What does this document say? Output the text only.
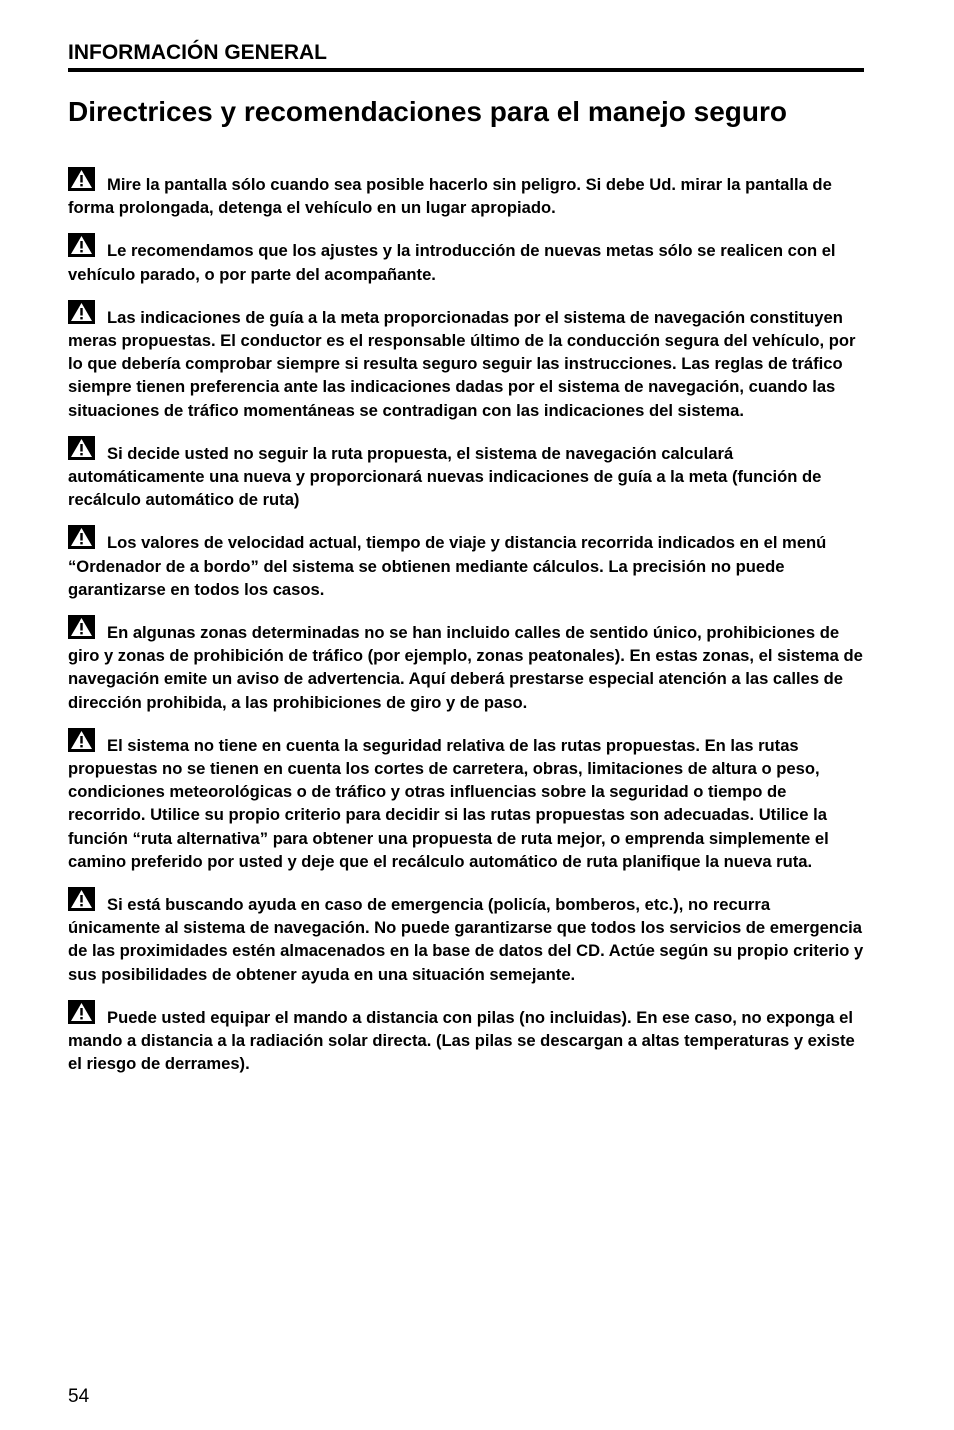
INFORMACIÓN GENERAL
Directrices y recomendaciones para el manejo seguro

Mire la pantalla sólo cuando sea posible hacerlo sin peligro. Si debe Ud. mirar la pantalla de forma prolongada, detenga el vehículo en un lugar apropiado.

Le recomendamos que los ajustes y la introducción de nuevas metas sólo se realicen con el vehículo parado, o por parte del acompañante.

Las indicaciones de guía a la meta proporcionadas por el sistema de navegación constituyen meras propuestas. El conductor es el responsable último de la conducción segura del vehículo, por lo que debería comprobar siempre si resulta seguro seguir las instrucciones. Las reglas de tráfico siempre tienen preferencia ante las indicaciones dadas por el sistema de navegación, cuando las situaciones de tráfico momentáneas se contradigan con las indicaciones del sistema.

Si decide usted no seguir la ruta propuesta, el sistema de navegación calculará automáticamente una nueva y proporcionará nuevas indicaciones de guía a la meta (función de recálculo automático de ruta)

Los valores de velocidad actual, tiempo de viaje y distancia recorrida indicados en el menú “Ordenador de a bordo” del sistema se obtienen mediante cálculos. La precisión no puede garantizarse en todos los casos.

En algunas zonas determinadas no se han incluido calles de sentido único, prohibiciones de giro y zonas de prohibición de tráfico (por ejemplo, zonas peatonales). En estas zonas, el sistema de navegación emite un aviso de advertencia. Aquí deberá prestarse especial atención a las calles de dirección prohibida, a las prohibiciones de giro y de paso.

El sistema no tiene en cuenta la seguridad relativa de las rutas propuestas. En las rutas propuestas no se tienen en cuenta los cortes de carretera, obras, limitaciones de altura o peso, condiciones meteorológicas o de tráfico y otras influencias sobre la seguridad o tiempo de recorrido. Utilice su propio criterio para decidir si las rutas propuestas son adecuadas. Utilice la función “ruta alternativa” para obtener una propuesta de ruta mejor, o emprenda simplemente el camino preferido por usted y deje que el recálculo automático de ruta planifique la nueva ruta.

Si está buscando ayuda en caso de emergencia (policía, bomberos, etc.), no recurra únicamente al sistema de navegación. No puede garantizarse que todos los servicios de emergencia de las proximidades estén almacenados en la base de datos del CD. Actúe según su propio criterio y sus posibilidades de obtener ayuda en una situación semejante.

Puede usted equipar el mando a distancia con pilas (no incluidas). En ese caso, no exponga el mando a distancia a la radiación solar directa. (Las pilas se descargan a altas temperaturas y existe el riesgo de derrames).

54
